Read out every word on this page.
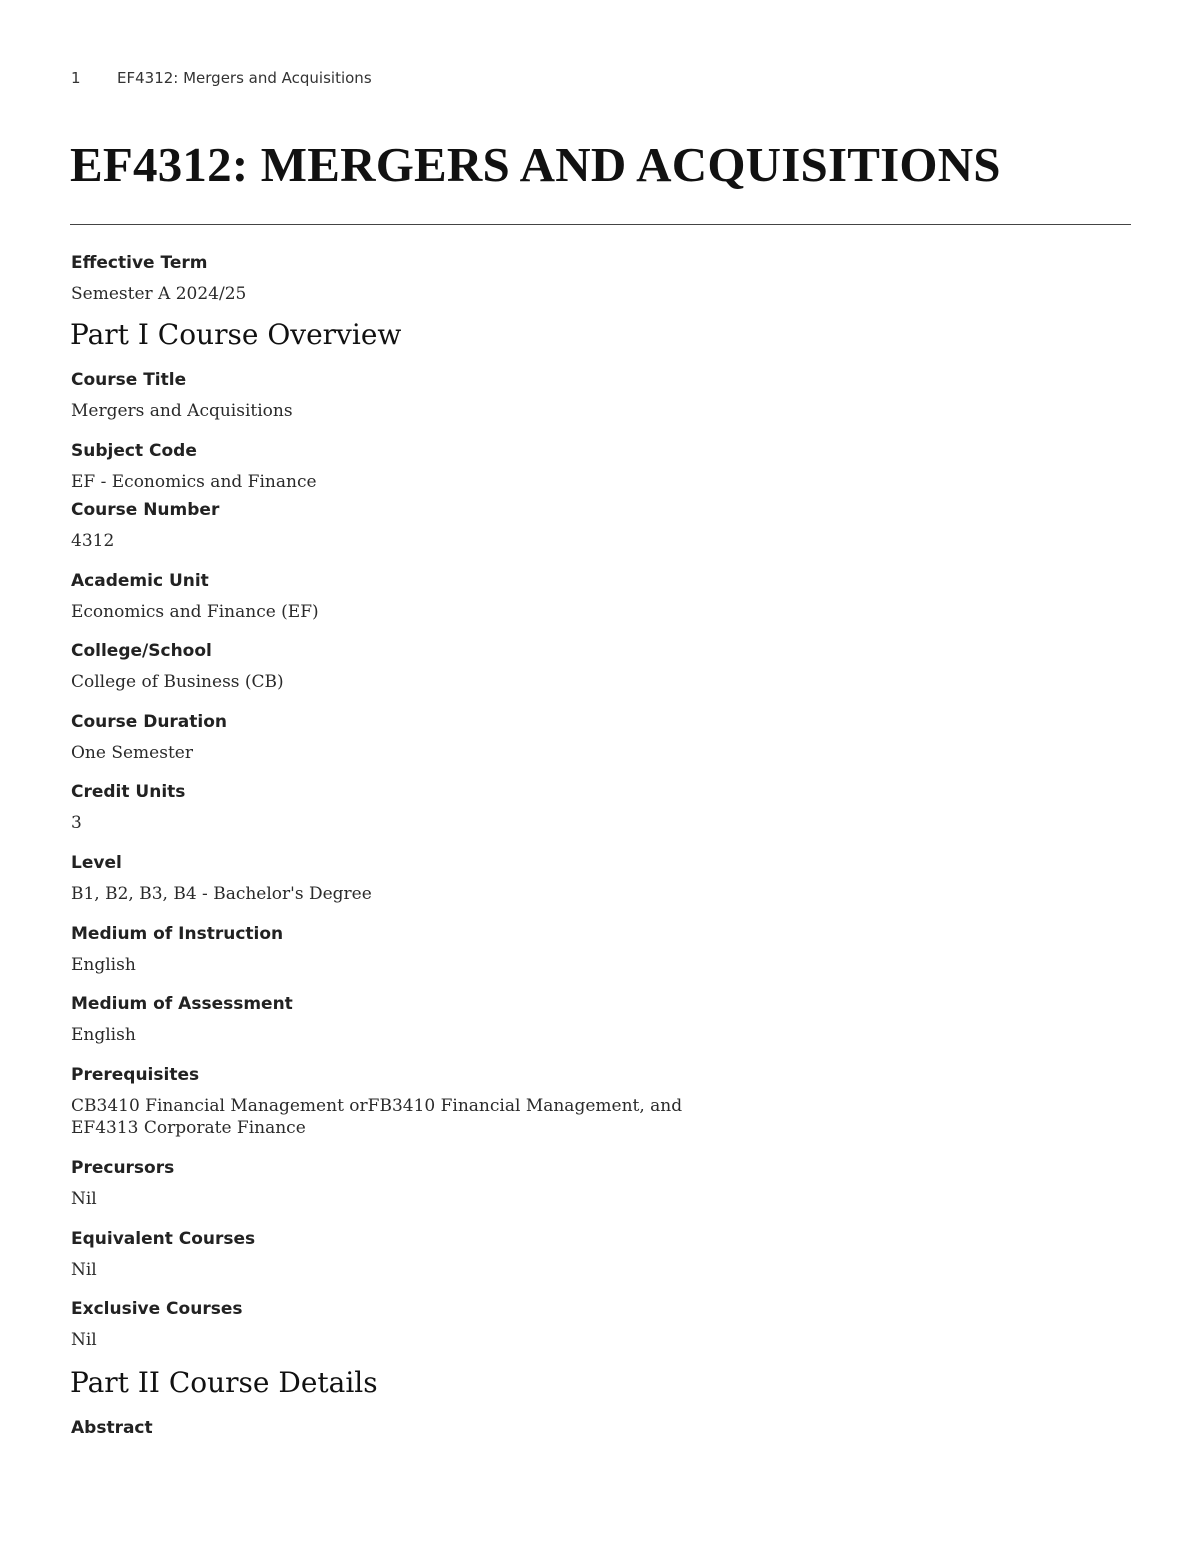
1 EF4312: Mergers and Acquisitions
EF4312: MERGERS AND ACQUISITIONS
Effective Term
Semester A 2024/25
Part I Course Overview
Course Title
Mergers and Acquisitions
Subject Code
EF - Economics and Finance
Course Number
4312
Academic Unit
Economics and Finance (EF)
College/School
College of Business (CB)
Course Duration
One Semester
Credit Units
3
Level
B1, B2, B3, B4 - Bachelor's Degree
Medium of Instruction
English
Medium of Assessment
English
Prerequisites
CB3410 Financial Management orFB3410 Financial Management, and
EF4313 Corporate Finance
Precursors
Nil
Equivalent Courses
Nil
Exclusive Courses
Nil
Part II Course Details
Abstract
